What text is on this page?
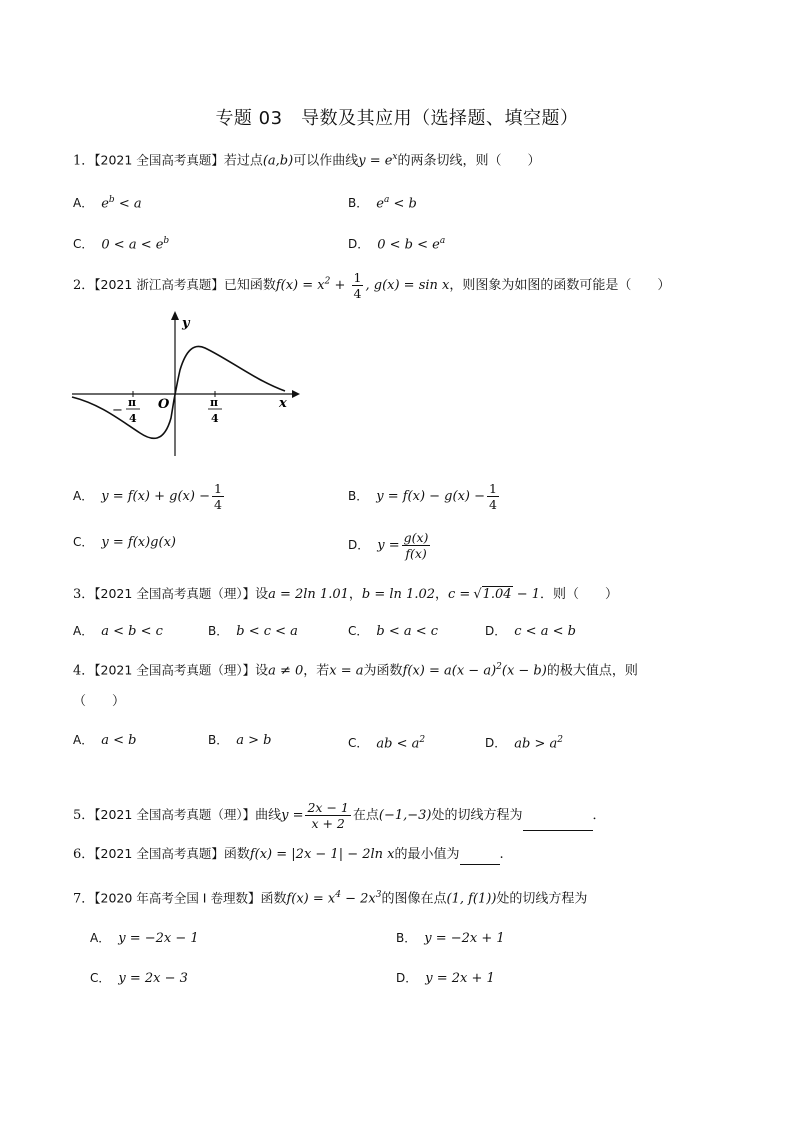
专题 03　导数及其应用（选择题、填空题）
1．【2021 全国高考真题】若过点(a,b)可以作曲线$y = e^x$的两条切线，则（　　）
A． $e^b < a$	B． $e^a < b$
C． $0 < a < e^b$	D． $0 < b < e^a$
2．【2021 浙江高考真题】已知函数$f(x) = x^2 + \frac{1}{4}$ , g(x) = sin x，则图象为如图的函数可能是（　　）
y
x
O
−
π
4
π
4
A． $y = f(x) + g(x) - \frac{1}{4}$	B． $y = f(x) - g(x) - \frac{1}{4}$
C． y = f(x)g(x)	D． $y = \frac{g(x)}{f(x)}$
3．【2021 全国高考真题（理）】设a = 2ln 1.01，b = ln 1.02，c = √1.04 − 1．则（　　）
A． a < b < c	B． b < c < a	C． b < a < c	D． c < a < b
4．【2021 全国高考真题（理）】设a ≠ 0，若x = a为函数$f(x) = a(x - a)^2(x - b)$的极大值点，则
（　　）
A． a < b	B． a > b	C． ab < $a^2$	D． ab > $a^2$
5．【2021 全国高考真题（理）】曲线$y = \frac{2x - 1}{x + 2}$ 在点(−1,−3)处的切线方程为	．
6．【2021 全国高考真题】函数f(x) = |2x − 1| − 2ln x的最小值为	.
7．【2020 年高考全国 I 卷理数】函数$f(x) = x^4 - 2x^3$的图像在点(1, f(1))处的切线方程为
A． y = −2x − 1	B． y = −2x + 1
C． y = 2x − 3	D． y = 2x + 1
